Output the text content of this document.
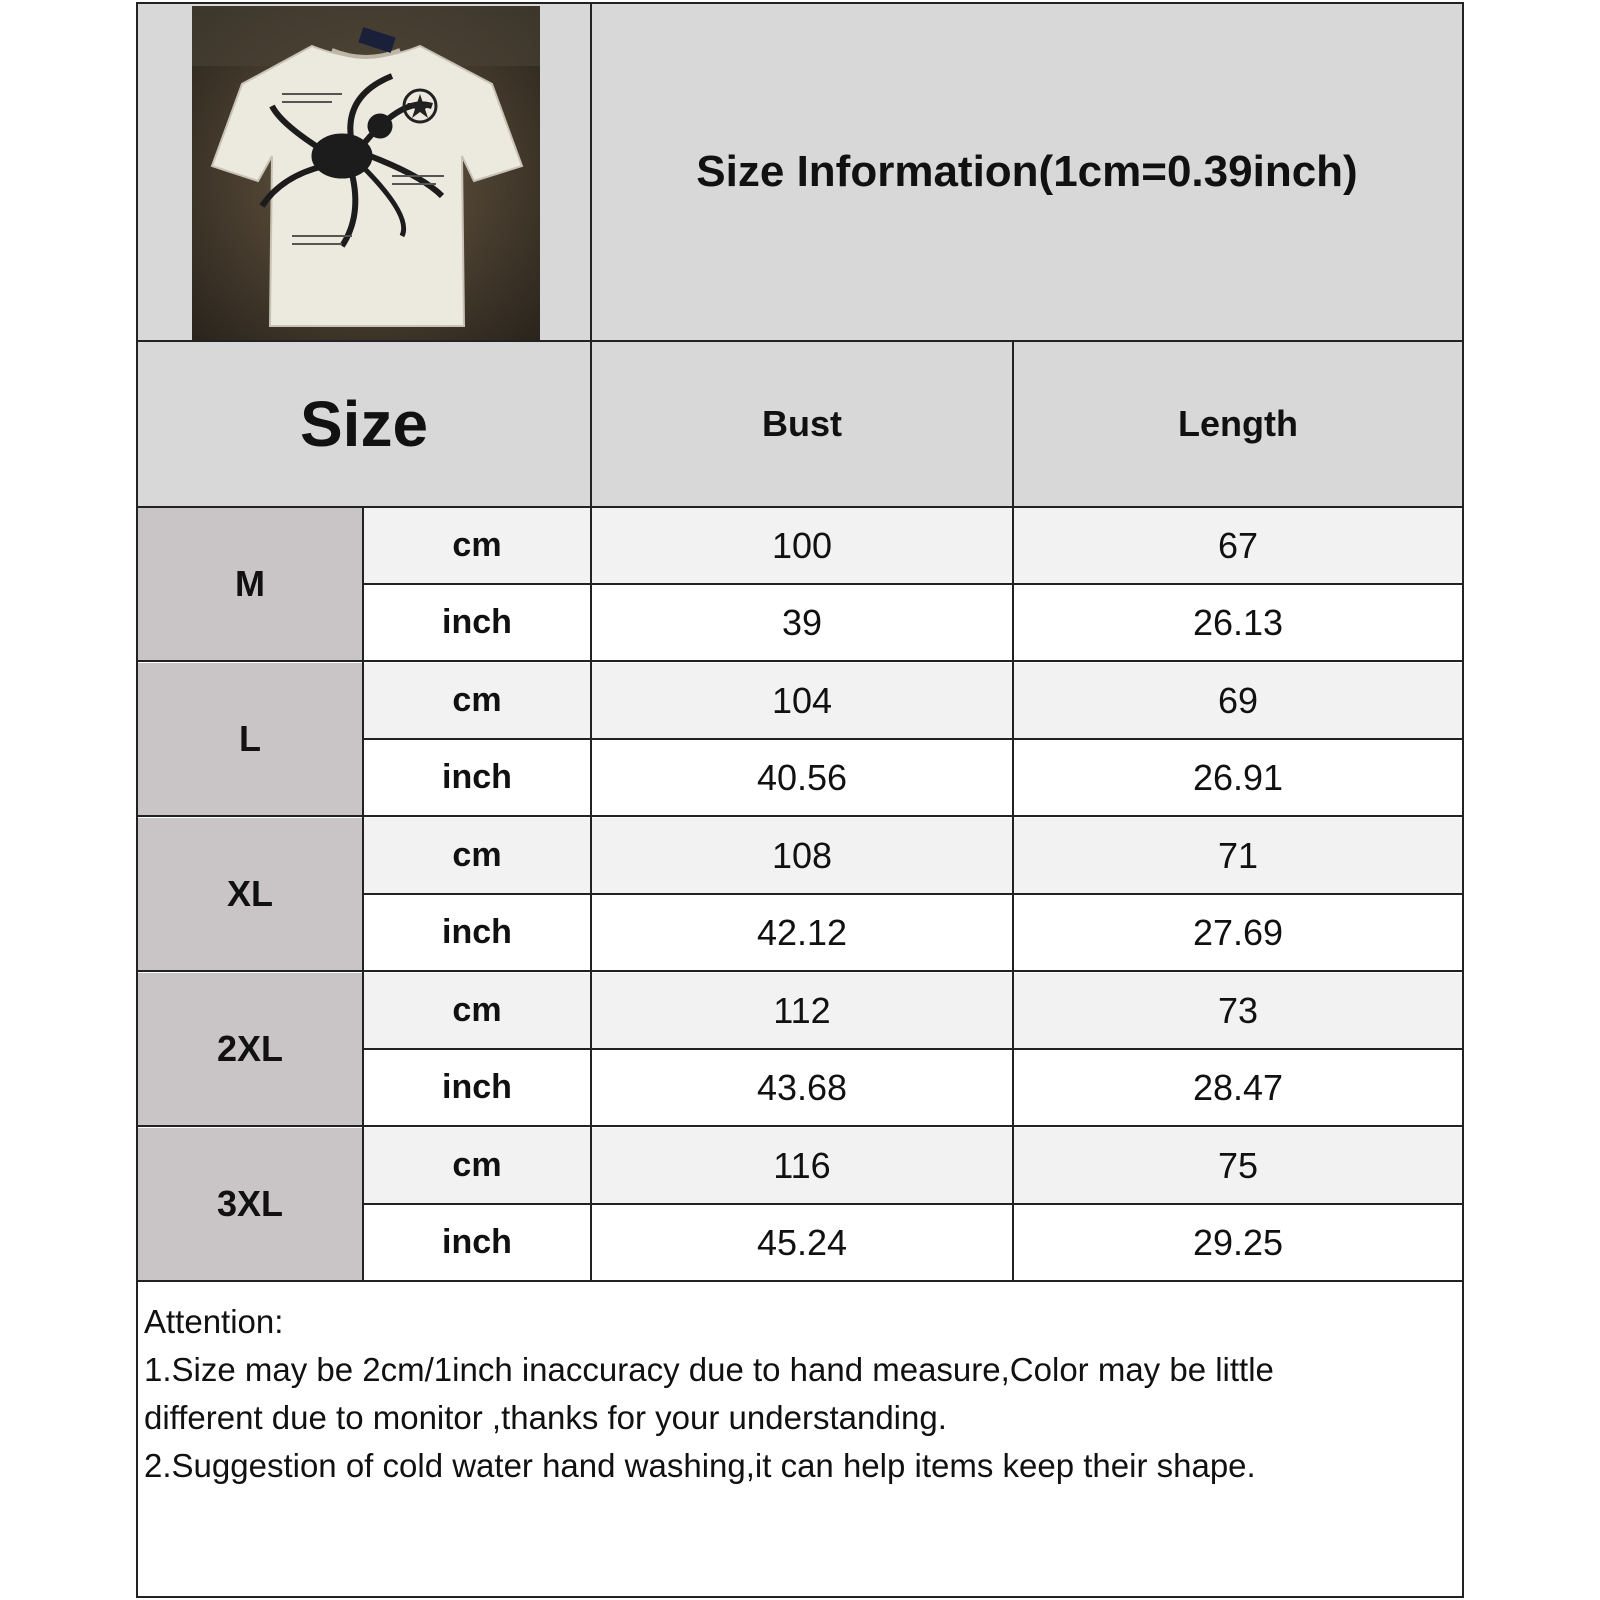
Size Information(1cm=0.39inch)
Size	Bust	Length
Attention:
1.Size may be 2cm/1inch inaccuracy due to hand measure,Color may be little
different due to monitor ,thanks for your understanding.
2.Suggestion of cold water hand washing,it can help items keep their shape.
M
cm	100	67
inch	39	26.13
L
cm	104	69
inch	40.56	26.91
XL
cm	108	71
inch	42.12	27.69
2XL
cm	112	73
inch	43.68	28.47
3XL
cm	116	75
inch	45.24	29.25
